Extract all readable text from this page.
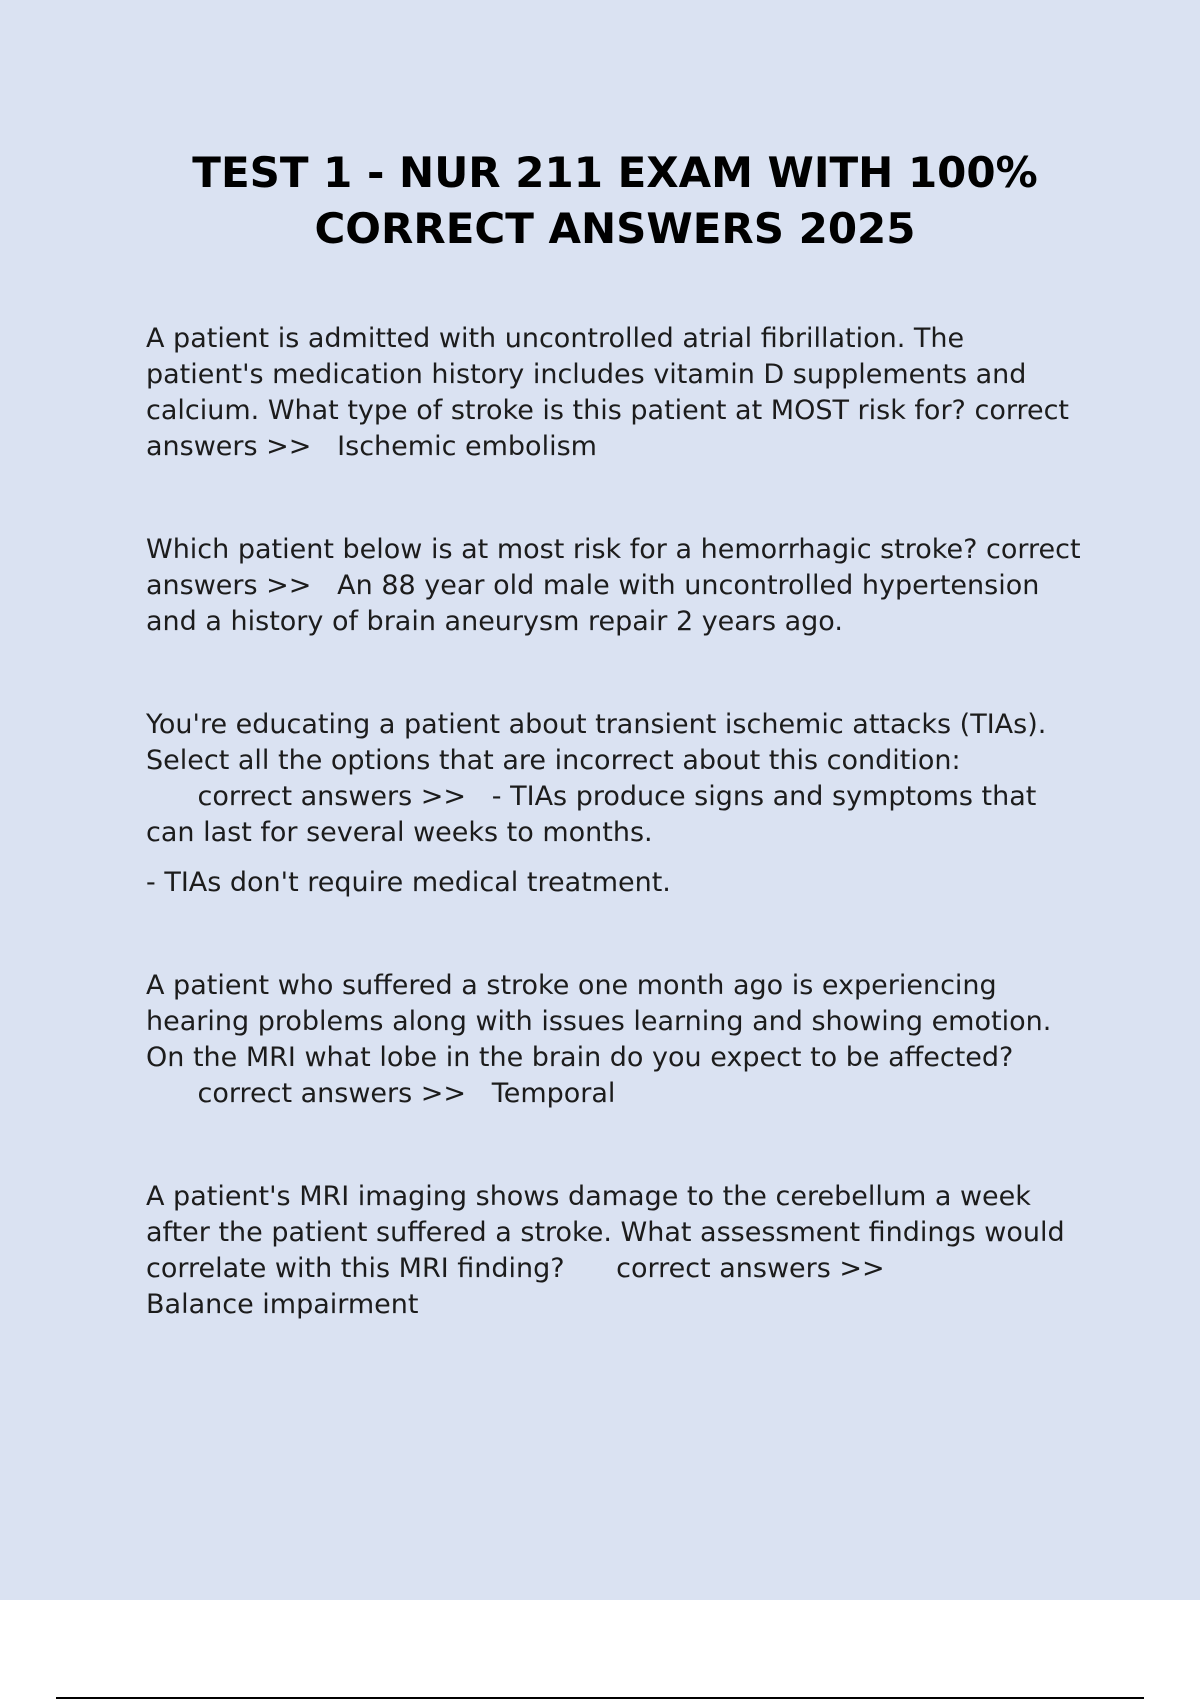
TEST 1 - NUR 211 EXAM WITH 100%
CORRECT ANSWERS 2025

A patient is admitted with uncontrolled atrial fibrillation. The patient's medication history includes vitamin D supplements and calcium. What type of stroke is this patient at MOST risk for? correct answers >> Ischemic embolism

Which patient below is at most risk for a hemorrhagic stroke? correct answers >> An 88 year old male with uncontrolled hypertension and a history of brain aneurysm repair 2 years ago.

You're educating a patient about transient ischemic attacks (TIAs). Select all the options that are incorrect about this condition:      correct answers >> - TIAs produce signs and symptoms that can last for several weeks to months.

- TIAs don't require medical treatment.

A patient who suffered a stroke one month ago is experiencing hearing problems along with issues learning and showing emotion. On the MRI what lobe in the brain do you expect to be affected?      correct answers >> Temporal

A patient's MRI imaging shows damage to the cerebellum a week after the patient suffered a stroke. What assessment findings would correlate with this MRI finding? correct answers >>
Balance impairment
